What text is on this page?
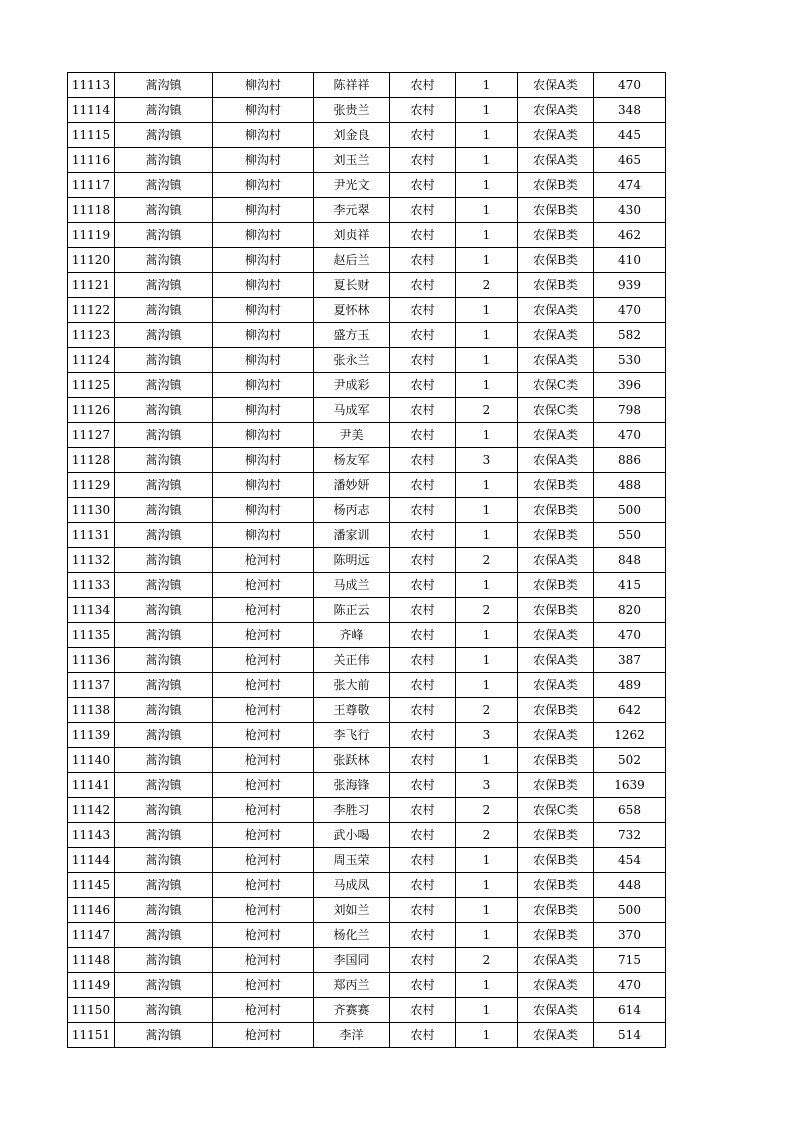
11113	蒿沟镇	柳沟村	陈祥祥	农村	1	农保A类	470
11114	蒿沟镇	柳沟村	张贵兰	农村	1	农保A类	348
11115	蒿沟镇	柳沟村	刘金良	农村	1	农保A类	445
11116	蒿沟镇	柳沟村	刘玉兰	农村	1	农保A类	465
11117	蒿沟镇	柳沟村	尹光文	农村	1	农保B类	474
11118	蒿沟镇	柳沟村	李元翠	农村	1	农保B类	430
11119	蒿沟镇	柳沟村	刘贞祥	农村	1	农保B类	462
11120	蒿沟镇	柳沟村	赵后兰	农村	1	农保B类	410
11121	蒿沟镇	柳沟村	夏长财	农村	2	农保B类	939
11122	蒿沟镇	柳沟村	夏怀林	农村	1	农保A类	470
11123	蒿沟镇	柳沟村	盛方玉	农村	1	农保A类	582
11124	蒿沟镇	柳沟村	张永兰	农村	1	农保A类	530
11125	蒿沟镇	柳沟村	尹成彩	农村	1	农保C类	396
11126	蒿沟镇	柳沟村	马成军	农村	2	农保C类	798
11127	蒿沟镇	柳沟村	尹美	农村	1	农保A类	470
11128	蒿沟镇	柳沟村	杨友军	农村	3	农保A类	886
11129	蒿沟镇	柳沟村	潘妙妍	农村	1	农保B类	488
11130	蒿沟镇	柳沟村	杨丙志	农村	1	农保B类	500
11131	蒿沟镇	柳沟村	潘家训	农村	1	农保B类	550
11132	蒿沟镇	枪河村	陈明远	农村	2	农保A类	848
11133	蒿沟镇	枪河村	马成兰	农村	1	农保B类	415
11134	蒿沟镇	枪河村	陈正云	农村	2	农保B类	820
11135	蒿沟镇	枪河村	齐峰	农村	1	农保A类	470
11136	蒿沟镇	枪河村	关正伟	农村	1	农保A类	387
11137	蒿沟镇	枪河村	张大前	农村	1	农保A类	489
11138	蒿沟镇	枪河村	王尊敬	农村	2	农保B类	642
11139	蒿沟镇	枪河村	李飞行	农村	3	农保A类	1262
11140	蒿沟镇	枪河村	张跃林	农村	1	农保B类	502
11141	蒿沟镇	枪河村	张海锋	农村	3	农保B类	1639
11142	蒿沟镇	枪河村	李胜习	农村	2	农保C类	658
11143	蒿沟镇	枪河村	武小喝	农村	2	农保B类	732
11144	蒿沟镇	枪河村	周玉荣	农村	1	农保B类	454
11145	蒿沟镇	枪河村	马成凤	农村	1	农保B类	448
11146	蒿沟镇	枪河村	刘如兰	农村	1	农保B类	500
11147	蒿沟镇	枪河村	杨化兰	农村	1	农保B类	370
11148	蒿沟镇	枪河村	李国同	农村	2	农保A类	715
11149	蒿沟镇	枪河村	郑丙兰	农村	1	农保A类	470
11150	蒿沟镇	枪河村	齐赛赛	农村	1	农保A类	614
11151	蒿沟镇	枪河村	李洋	农村	1	农保A类	514
